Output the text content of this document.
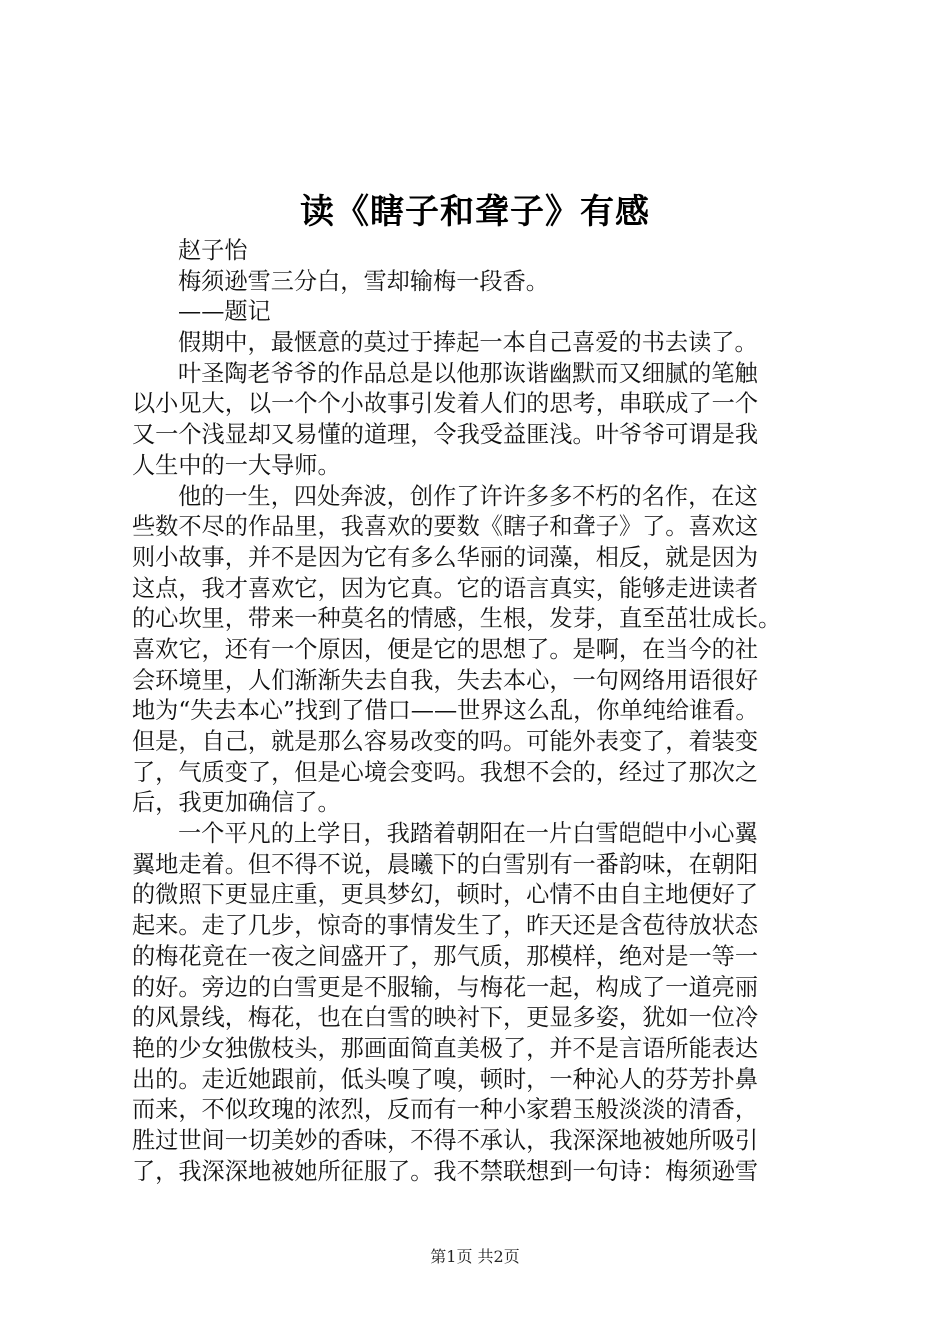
读《瞎子和聋子》有感
赵子怡
梅须逊雪三分白，雪却输梅一段香。
——题记
假期中，最惬意的莫过于捧起一本自己喜爱的书去读了。
叶圣陶老爷爷的作品总是以他那诙谐幽默而又细腻的笔触
以小见大，以一个个小故事引发着人们的思考，串联成了一个
又一个浅显却又易懂的道理，令我受益匪浅。叶爷爷可谓是我
人生中的一大导师。
他的一生，四处奔波，创作了许许多多不朽的名作，在这
些数不尽的作品里，我喜欢的要数《瞎子和聋子》了。喜欢这
则小故事，并不是因为它有多么华丽的词藻，相反，就是因为
这点，我才喜欢它，因为它真。它的语言真实，能够走进读者
的心坎里，带来一种莫名的情感，生根，发芽，直至茁壮成长。
喜欢它，还有一个原因，便是它的思想了。是啊，在当今的社
会环境里，人们渐渐失去自我，失去本心，一句网络用语很好
地为“失去本心”找到了借口——世界这么乱，你单纯给谁看。
但是，自己，就是那么容易改变的吗。可能外表变了，着装变
了，气质变了，但是心境会变吗。我想不会的，经过了那次之
后，我更加确信了。
一个平凡的上学日，我踏着朝阳在一片白雪皑皑中小心翼
翼地走着。但不得不说，晨曦下的白雪别有一番韵味，在朝阳
的微照下更显庄重，更具梦幻，顿时，心情不由自主地便好了
起来。走了几步，惊奇的事情发生了，昨天还是含苞待放状态
的梅花竟在一夜之间盛开了，那气质，那模样，绝对是一等一
的好。旁边的白雪更是不服输，与梅花一起，构成了一道亮丽
的风景线，梅花，也在白雪的映衬下，更显多姿，犹如一位冷
艳的少女独傲枝头，那画面简直美极了，并不是言语所能表达
出的。走近她跟前，低头嗅了嗅，顿时，一种沁人的芬芳扑鼻
而来，不似玫瑰的浓烈，反而有一种小家碧玉般淡淡的清香，
胜过世间一切美妙的香味，不得不承认，我深深地被她所吸引
了，我深深地被她所征服了。我不禁联想到一句诗：梅须逊雪
第1页 共2页
